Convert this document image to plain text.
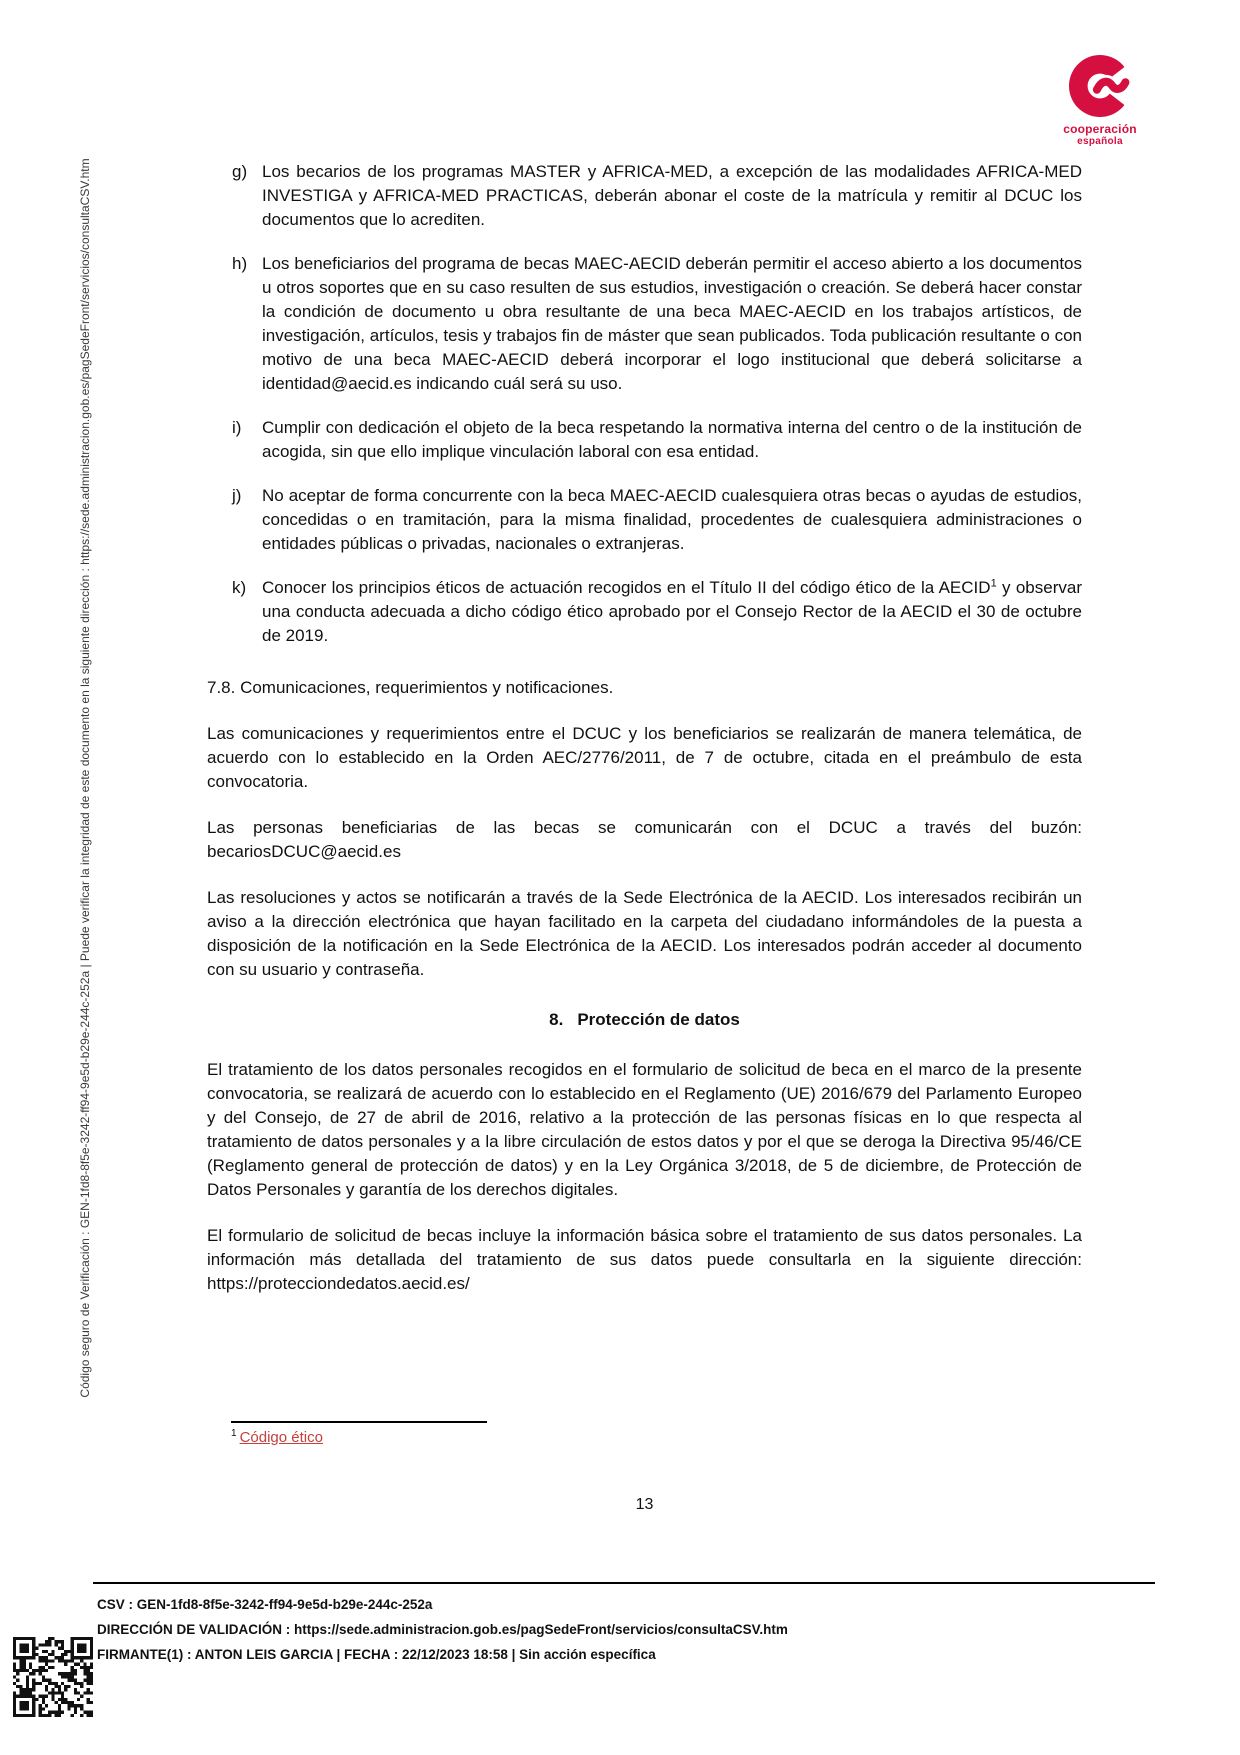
cooperación
española
Código seguro de Verificación : GEN-1fd8-8f5e-3242-ff94-9e5d-b29e-244c-252a | Puede verificar la integridad de este documento en la siguiente dirección : https://sede.administracion.gob.es/pagSedeFront/servicios/consultaCSV.htm	g) Los becarios de los programas MASTER y AFRICA-MED, a excepción de las modalidades AFRICA-MED INVESTIGA y AFRICA-MED PRACTICAS, deberán abonar el coste de la matrícula y remitir al DCUC los documentos que lo acrediten.
h) Los beneficiarios del programa de becas MAEC-AECID deberán permitir el acceso abierto a los documentos u otros soportes que en su caso resulten de sus estudios, investigación o creación. Se deberá hacer constar la condición de documento u obra resultante de una beca MAEC-AECID en los trabajos artísticos, de investigación, artículos, tesis y trabajos fin de máster que sean publicados. Toda publicación resultante o con motivo de una beca MAEC-AECID deberá incorporar el logo institucional que deberá solicitarse a identidad@aecid.es indicando cuál será su uso.
i)	Cumplir con dedicación el objeto de la beca respetando la normativa interna del centro o de la institución de acogida, sin que ello implique vinculación laboral con esa entidad.
j)	No aceptar de forma concurrente con la beca MAEC-AECID cualesquiera otras becas o ayudas de estudios, concedidas o en tramitación, para la misma finalidad, procedentes de cualesquiera administraciones o entidades públicas o privadas, nacionales o extranjeras.
k) Conocer los principios éticos de actuación recogidos en el Título II del código ético de la AECID$^1$ y observar una conducta adecuada a dicho código ético aprobado por el Consejo Rector de la AECID el 30 de octubre de 2019.
7.8. Comunicaciones, requerimientos y notificaciones.

Las comunicaciones y requerimientos entre el DCUC y los beneficiarios se realizarán de manera telemática, de acuerdo con lo establecido en la Orden AEC/2776/2011, de 7 de octubre, citada en el preámbulo de esta convocatoria.

Las personas beneficiarias de las becas se comunicarán con el DCUC a través del buzón: becariosDCUC@aecid.es

Las resoluciones y actos se notificarán a través de la Sede Electrónica de la AECID. Los interesados recibirán un aviso a la dirección electrónica que hayan facilitado en la carpeta del ciudadano informándoles de la puesta a disposición de la notificación en la Sede Electrónica de la AECID. Los interesados podrán acceder al documento con su usuario y contraseña.

8. Protección de datos

El tratamiento de los datos personales recogidos en el formulario de solicitud de beca en el marco de la presente convocatoria, se realizará de acuerdo con lo establecido en el Reglamento (UE) 2016/679 del Parlamento Europeo y del Consejo, de 27 de abril de 2016, relativo a la protección de las personas físicas en lo que respecta al tratamiento de datos personales y a la libre circulación de estos datos y por el que se deroga la Directiva 95/46/CE (Reglamento general de protección de datos) y en la Ley Orgánica 3/2018, de 5 de diciembre, de Protección de Datos Personales y garantía de los derechos digitales.

El formulario de solicitud de becas incluye la información básica sobre el tratamiento de sus datos personales. La información más detallada del tratamiento de sus datos puede consultarla en la siguiente dirección: https://protecciondedatos.aecid.es/

$^1$ Código ético
13
CSV : GEN-1fd8-8f5e-3242-ff94-9e5d-b29e-244c-252a
DIRECCIÓN DE VALIDACIÓN : https://sede.administracion.gob.es/pagSedeFront/servicios/consultaCSV.htm
FIRMANTE(1) : ANTON LEIS GARCIA | FECHA : 22/12/2023 18:58 | Sin acción específica
